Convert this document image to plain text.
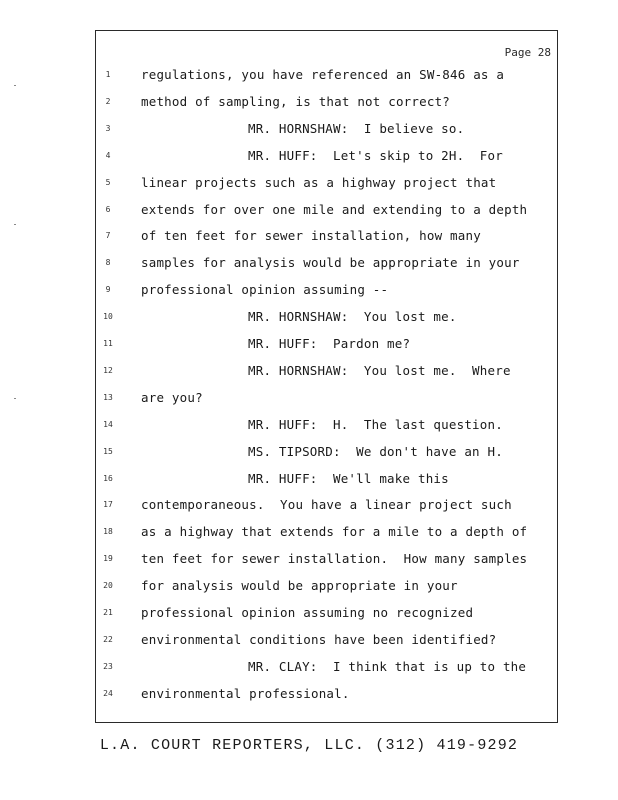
Page 28
1	regulations, you have referenced an SW-846 as a
2	method of sampling, is that not correct?
3	MR. HORNSHAW:  I believe so.
4	MR. HUFF:  Let's skip to 2H.  For
5	linear projects such as a highway project that
6	extends for over one mile and extending to a depth
7	of ten feet for sewer installation, how many
8	samples for analysis would be appropriate in your
9	professional opinion assuming --
10	MR. HORNSHAW:  You lost me.
11	MR. HUFF:  Pardon me?
12	MR. HORNSHAW:  You lost me.  Where
13	are you?
14	MR. HUFF:  H.  The last question.
15	MS. TIPSORD:  We don't have an H.
16	MR. HUFF:  We'll make this
17	contemporaneous.  You have a linear project such
18	as a highway that extends for a mile to a depth of
19	ten feet for sewer installation.  How many samples
20	for analysis would be appropriate in your
21	professional opinion assuming no recognized
22	environmental conditions have been identified?
23	MR. CLAY:  I think that is up to the
24	environmental professional.
L.A. COURT REPORTERS, LLC. (312) 419-9292
